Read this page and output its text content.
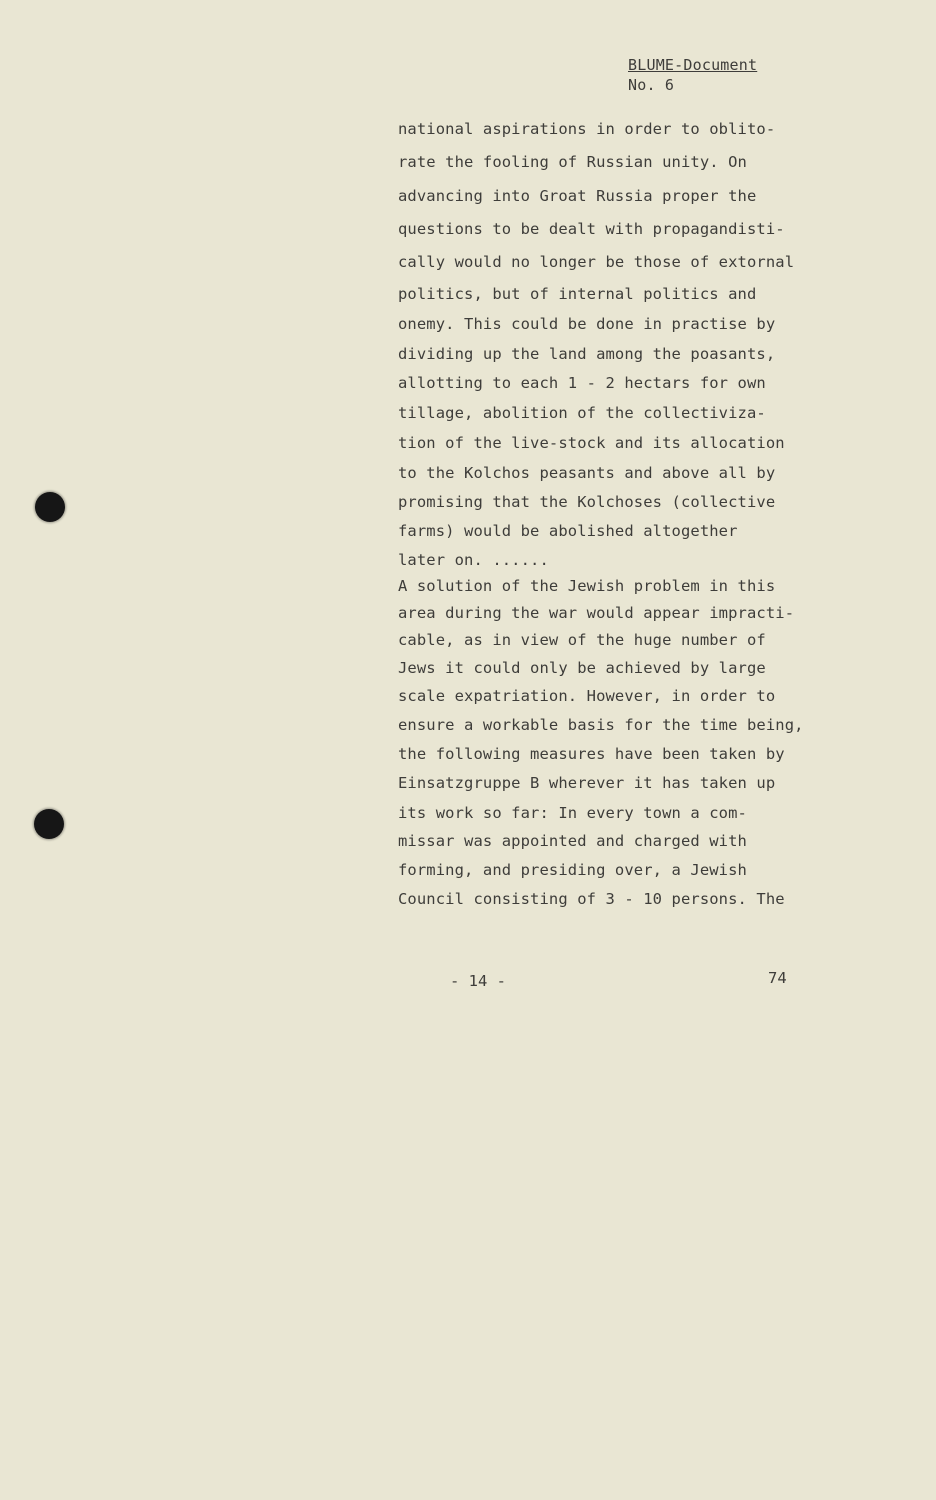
BLUME-Document
No. 6
national aspirations in order to oblito-
rate the fooling of Russian unity. On
advancing into Groat Russia proper the
questions to be dealt with propagandisti-
cally would no longer be those of extornal
politics, but of internal politics and
onemy. This could be done in practise by
dividing up the land among the poasants,
allotting to each 1 - 2 hectars for own
tillage, abolition of the collectiviza-
tion of the live-stock and its allocation
to the Kolchos peasants and above all by
promising that the Kolchoses (collective
farms) would be abolished altogether
later on. ......
A solution of the Jewish problem in this
area during the war would appear impracti-
cable, as in view of the huge number of
Jews it could only be achieved by large
scale expatriation. However, in order to
ensure a workable basis for the time being,
the following measures have been taken by
Einsatzgruppe B wherever it has taken up
its work so far: In every town a com-
missar was appointed and charged with
forming, and presiding over, a Jewish
Council consisting of 3 - 10 persons. The
- 14 -	74
